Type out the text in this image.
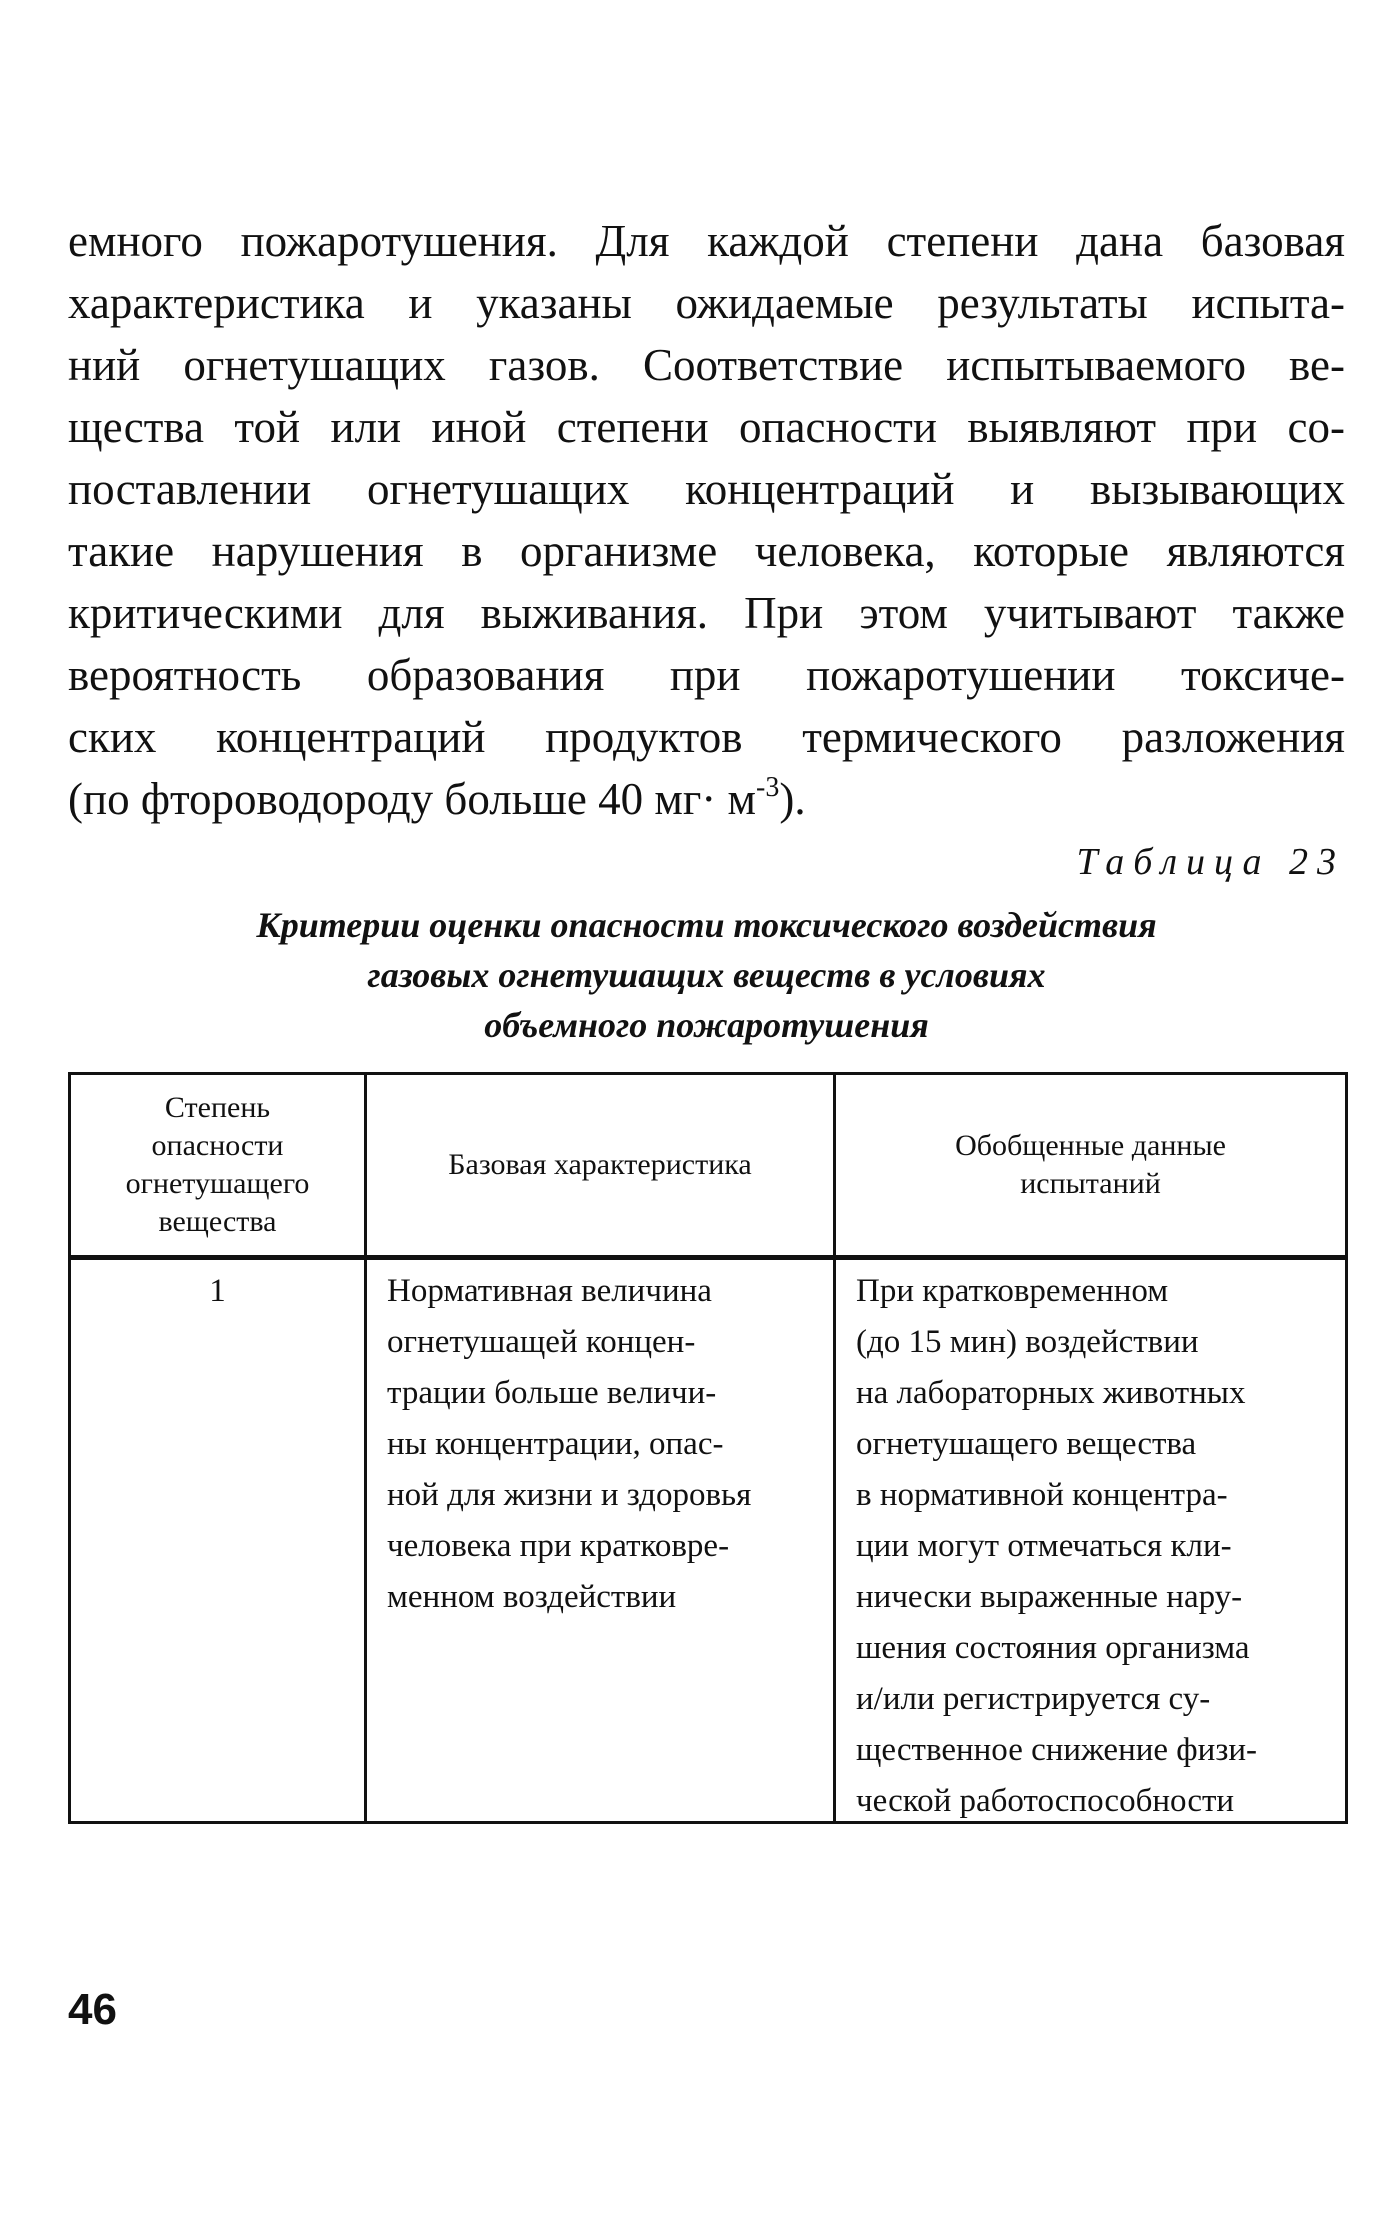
емного пожаротушения. Для каждой степени дана базовая
характеристика и указаны ожидаемые результаты испыта-
ний огнетушащих газов. Соответствие испытываемого ве-
щества той или иной степени опасности выявляют при со-
поставлении огнетушащих концентраций и вызывающих
такие нарушения в организме человека, которые являются
критическими для выживания. При этом учитывают также
вероятность образования при пожаротушении токсиче-
ских концентраций продуктов термического разложения
(по фтороводороду больше 40 $мг\cdot м^{-3}$).

Таблица 23

Критерии оценки опасности токсического воздействия
газовых огнетушащих веществ в условиях
объемного пожаротушения
Степень
опасности
огнетушащего
вещества
Базовая характеристика
Обобщенные данные
испытаний
1	Нормативная величина
огнетушащей концен-
трации больше величи-
ны концентрации, опас-
ной для жизни и здоровья
человека при кратковре-
менном воздействии
При кратковременном
(до 15 мин) воздействии
на лабораторных животных
огнетушащего вещества
в нормативной концентра-
ции могут отмечаться кли-
нически выраженные нару-
шения состояния организма
и/или регистрируется су-
щественное снижение физи-
ческой работоспособности

46
